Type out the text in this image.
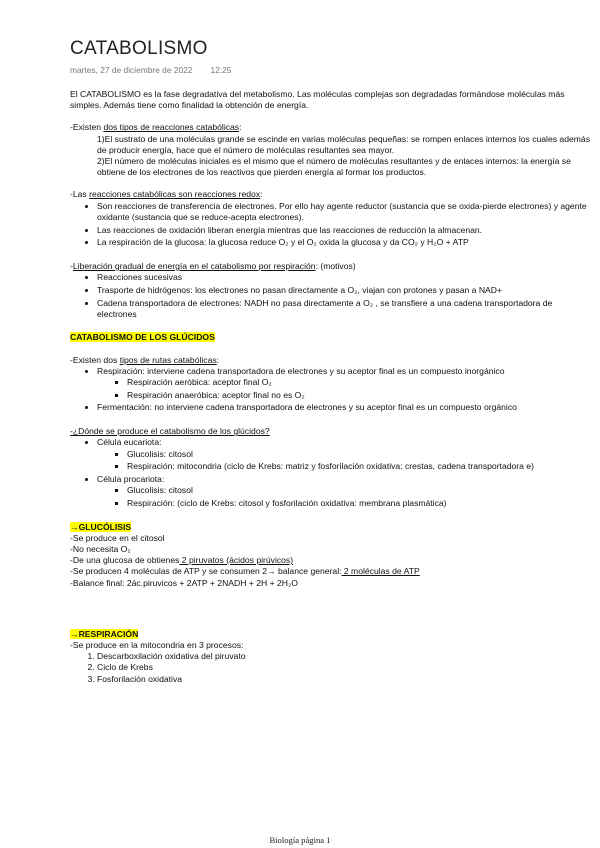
CATABOLISMO
martes, 27 de diciembre de 2022 12:25

El CATABOLISMO es la fase degradativa del metabolismo. Las moléculas complejas son degradadas formándose moléculas más simples. Además tiene como finalidad la obtención de energía.

-Existen dos tipos de reacciones catabólicas:

1)El sustrato de una moléculas grande se escinde en varias moléculas pequeñas: se rompen enlaces internos los cuales además de producir energía, hace que el número de moléculas resultantes sea mayor.

2)El número de moléculas iniciales es el mismo que el número de moléculas resultantes y de enlaces internos: la energía se obtiene de los electrones de los reactivos que pierden energía al formar los productos.

-Las reacciones catabólicas son reacciones redox:

• Son reacciones de transferencia de electrones. Por ello hay agente reductor (sustancia que se oxida-pierde electrones) y agente oxidante (sustancia que se reduce-acepta electrones).
• Las reacciones de oxidación liberan energía mientras que las reacciones de reducción la almacenan.
• La respiración de la glucosa: la glucosa reduce O₂ y el O₂ oxida la glucosa y da CO₂ y H₂O + ATP

-Liberación gradual de energía en el catabolismo por respiración: (motivos)

• Reacciones sucesivas
• Trasporte de hidrógenos: los electrones no pasan directamente a O₂, viajan con protones y pasan a NAD+
• Cadena transportadora de electrones: NADH no pasa directamente a O₂ , se transfiere a una cadena transportadora de electrones

CATABOLISMO DE LOS GLÚCIDOS

-Existen dos tipos de rutas catabólicas:

• Respiración: interviene cadena transportadora de electrones y su aceptor final es un compuesto inorgánico
▪ Respiración aeróbica: aceptor final O₂
▪ Respiración anaeróbica: aceptor final no es O₂
• Fermentación: no interviene cadena transportadora de electrones y su aceptor final es un compuesto orgánico

-¿Dónde se produce el catabolismo de los glúcidos?

• Célula eucariota:
▪ Glucolisis: citosol
▪ Respiración: mitocondria (ciclo de Krebs: matriz y fosforilación oxidativa: crestas, cadena transportadora e)
• Célula procariota:
▪ Glucolisis: citosol
▪ Respiración: (ciclo de Krebs: citosol y fosforilación oxidativa: membrana plasmática)

→GLUCÓLISIS

-Se produce en el citosol

-No necesita O₂

-De una glucosa de obtienes 2 piruvatos (ácidos pirúvicos)

-Se producen 4 moléculas de ATP y se consumen 2→ balance general: 2 moléculas de ATP

-Balance final: 2ác.piruvicos + 2ATP + 2NADH + 2H + 2H₂O

→RESPIRACIÓN

-Se produce en la mitocondria en 3 procesos:

1. Descarboxilación oxidativa del piruvato
2. Ciclo de Krebs
3. Fosforilación oxidativa
Biología página 1
